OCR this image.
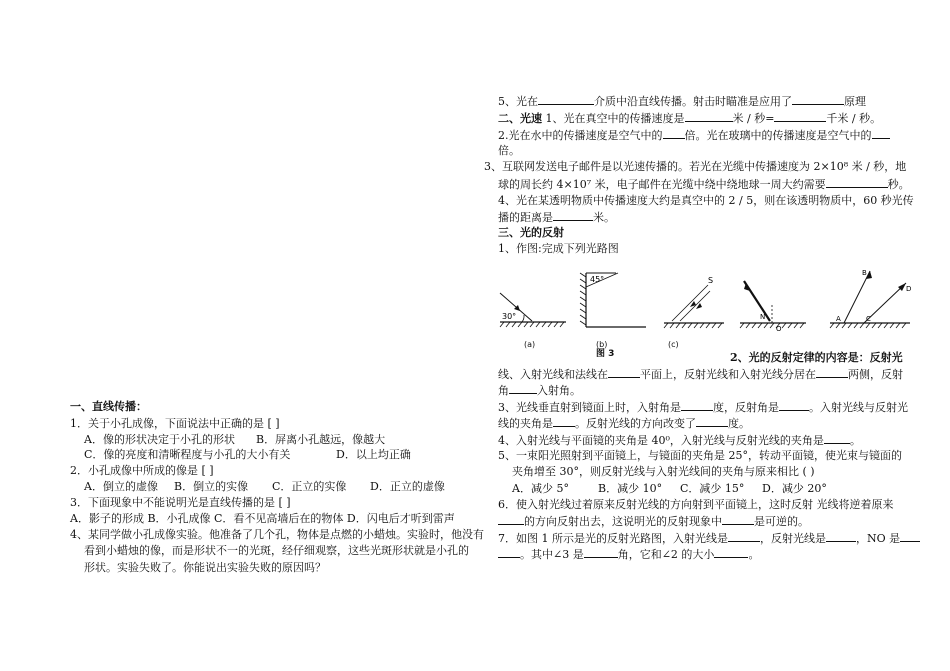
一、直线传播：
1．关于小孔成像，下面说法中正确的是 [ ]
A．像的形状决定于小孔的形状 B．屏离小孔越远，像越大
C．像的亮度和清晰程度与小孔的大小有关	D．以上均正确
2．小孔成像中所成的像是 [ ]
A．倒立的虚像 B．倒立的实像 C．正立的实像 D．正立的虚像
3．下面现象中不能说明光是直线传播的是 [ ]
A．影子的形成 B．小孔成像 C．看不见高墙后在的物体 D．闪电后才听到雷声
4、某同学做小孔成像实验。他准备了几个孔，物体是点燃的小蜡烛。实验时，他没有
看到小蜡烛的像，而是形状不一的光斑，经仔细观察，这些光斑形状就是小孔的
形状。实验失败了。你能说出实验失败的原因吗？
5、光在	介质中沿直线传播。射击时瞄准是应用了	原理
二、光速 1、光在真空中的传播速度是	米 / 秒=	千米 / 秒。
2.光在水中的传播速度是空气中的 倍。光在玻璃中的传播速度是空气中的
倍。
3、互联网发送电子邮件是以光速传播的。若光在光缆中传播速度为 2×10⁸ 米 / 秒，地
球的周长约 4×10⁷ 米，电子邮件在光缆中绕中绕地球一周大约需要	秒。
4、光在某透明物质中传播速度大约是真空中的 2 / 5，则在该透明物质中，60 秒光传
播的距离是	米。
三、光的反射
1、作图:完成下列光路图
30°
45°	S
N
O
A
B
C
D
(a)	(b)	(c)
图 3	2、光的反射定律的内容是：反射光
线、入射光线和法线在	平面上，反射光线和入射光线分居在	两侧，反射
角	入射角。
3、光线垂直射到镜面上时，入射角是	度，反射角是	。入射光线与反射光
线的夹角是 。反射光线的方向改变了	度。
4、入射光线与平面镜的夹角是 40⁰，入射光线与反射光线的夹角是 。
5、一束阳光照射到平面镜上，与镜面的夹角是 25°，转动平面镜，使光束与镜面的
夹角增至 30°，则反射光线与入射光线间的夹角与原来相比 ( )
A．减少 5°	B．减少 10° C．减少 15° D．减少 20°
6．使入射光线过着原来反射光线的方向射到平面镜上，这时反射 光线将逆着原来
的方向反射出去，这说明光的反射现象中	是可逆的。
7．如图 1 所示是光的反射光路图，入射光线是	，反射光线是	，NO 是
。其中∠3 是	角，它和∠2 的大小	。
